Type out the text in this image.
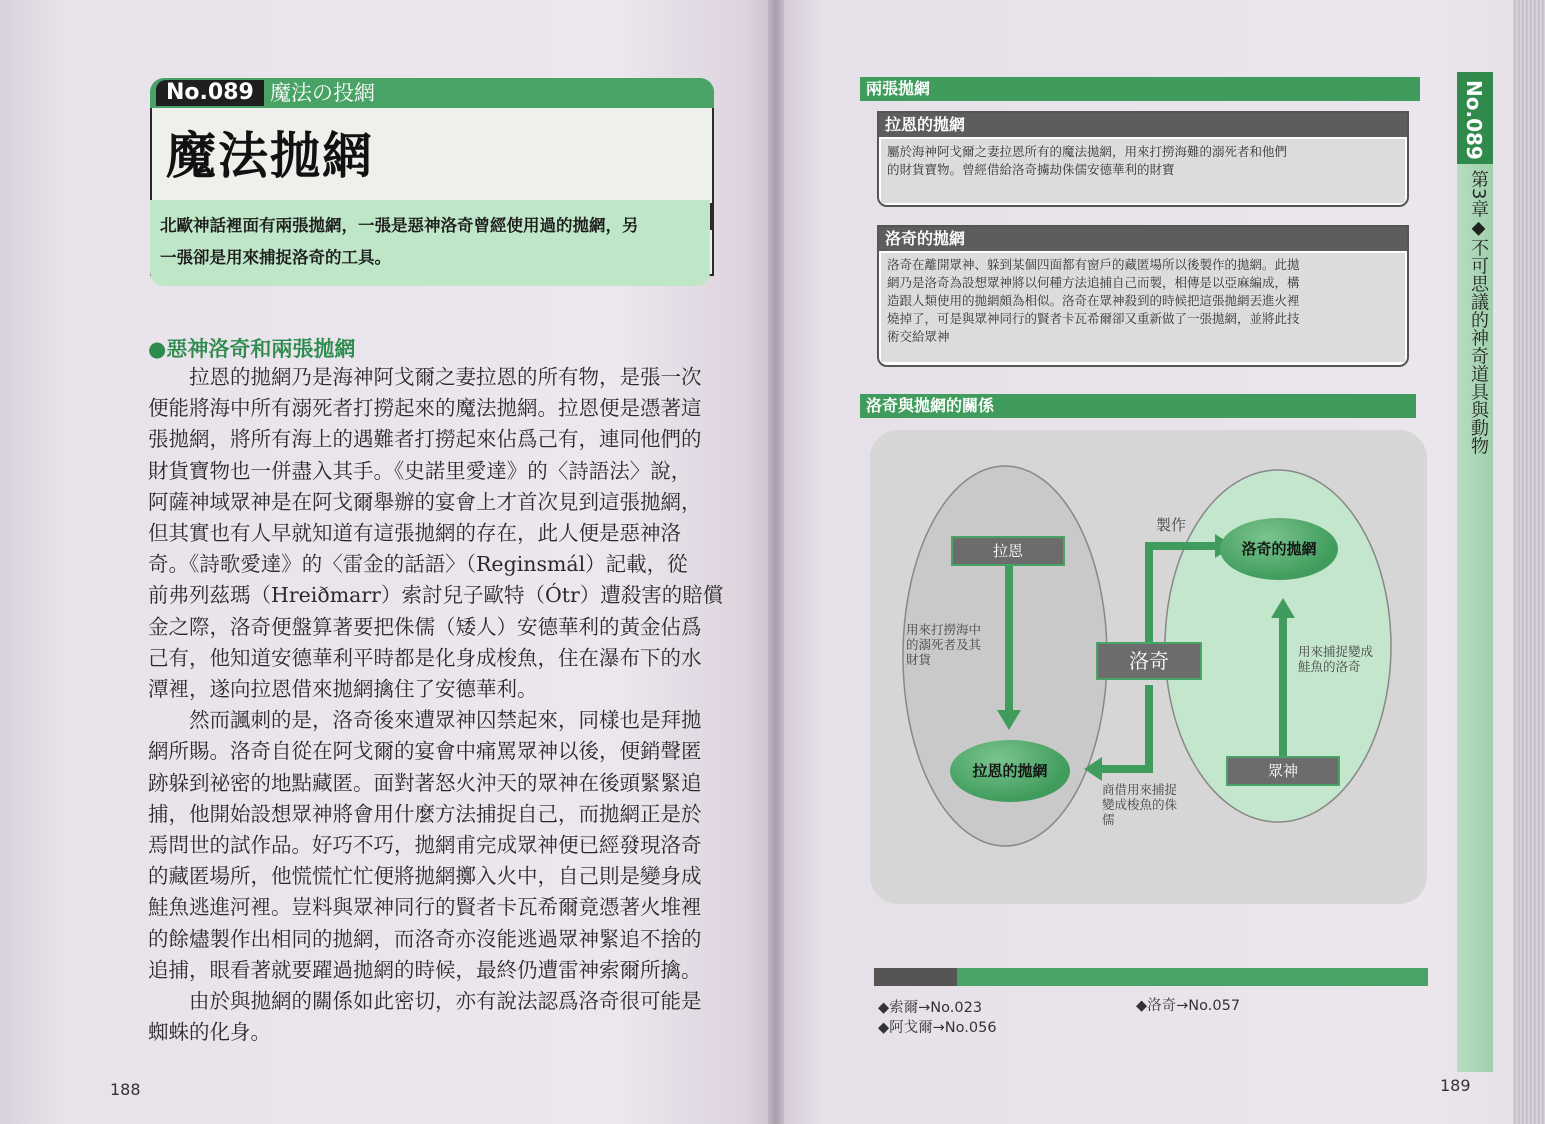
No.089 魔法の投網
魔法抛網
北歐神話裡面有兩張拋網，一張是惡神洛奇曾經使用過的拋網，另
一張卻是用來捕捉洛奇的工具。
●惡神洛奇和兩張拋網
　　拉恩的拋網乃是海神阿戈爾之妻拉恩的所有物，是張一次
便能將海中所有溺死者打撈起來的魔法拋網。拉恩便是憑著這
張拋網，將所有海上的遇難者打撈起來佔爲己有，連同他們的
財貨寶物也一併盡入其手。《史諾里愛達》的〈詩語法〉說，
阿薩神域眾神是在阿戈爾舉辦的宴會上才首次見到這張拋網，
但其實也有人早就知道有這張拋網的存在，此人便是惡神洛
奇。《詩歌愛達》的〈雷金的話語〉（Reginsmál）記載，從
前弗列茲瑪（Hreiðmarr）索討兒子歐特（Ótr）遭殺害的賠償
金之際，洛奇便盤算著要把侏儒（矮人）安德華利的黃金佔爲
己有，他知道安德華利平時都是化身成梭魚，住在瀑布下的水
潭裡，遂向拉恩借來拋網擒住了安德華利。
　　然而諷刺的是，洛奇後來遭眾神囚禁起來，同樣也是拜拋
網所賜。洛奇自從在阿戈爾的宴會中痛罵眾神以後，便銷聲匿
跡躲到祕密的地點藏匿。面對著怒火沖天的眾神在後頭緊緊追
捕，他開始設想眾神將會用什麼方法捕捉自己，而拋網正是於
焉問世的試作品。好巧不巧，拋網甫完成眾神便已經發現洛奇
的藏匿場所，他慌慌忙忙便將拋網擲入火中，自己則是變身成
鮭魚逃進河裡。豈料與眾神同行的賢者卡瓦希爾竟憑著火堆裡
的餘燼製作出相同的拋網，而洛奇亦沒能逃過眾神緊追不捨的
追捕，眼看著就要躍過拋網的時候，最終仍遭雷神索爾所擒。
　　由於與拋網的關係如此密切，亦有說法認爲洛奇很可能是
蜘蛛的化身。
188
兩張拋網
拉恩的拋網
屬於海神阿戈爾之妻拉恩所有的魔法拋網，用來打撈海難的溺死者和他們
的財貨寶物。曾經借給洛奇擄劫侏儒安德華利的財寶
洛奇的拋網
洛奇在離開眾神、躲到某個四面都有窗戶的藏匿場所以後製作的拋網。此拋
網乃是洛奇為設想眾神將以何種方法追捕自己而製，相傳是以亞麻編成，構
造跟人類使用的拋網頗為相似。洛奇在眾神殺到的時候把這張拋網丟進火裡
燒掉了，可是與眾神同行的賢者卡瓦希爾卻又重新做了一張拋網，並將此技
術交給眾神
洛奇與拋網的關係
拉恩
拉恩的拋網
洛奇
洛奇的拋網
眾神
製作
用來打撈海中
的溺死者及其
財貨
用來捕捉變成
鮭魚的洛奇
商借用來捕捉
變成梭魚的侏
儒
◆索爾→No.023
◆阿戈爾→No.056
◆洛奇→No.057
No.089
第3章◆不可思議的神奇道具與動物
189
